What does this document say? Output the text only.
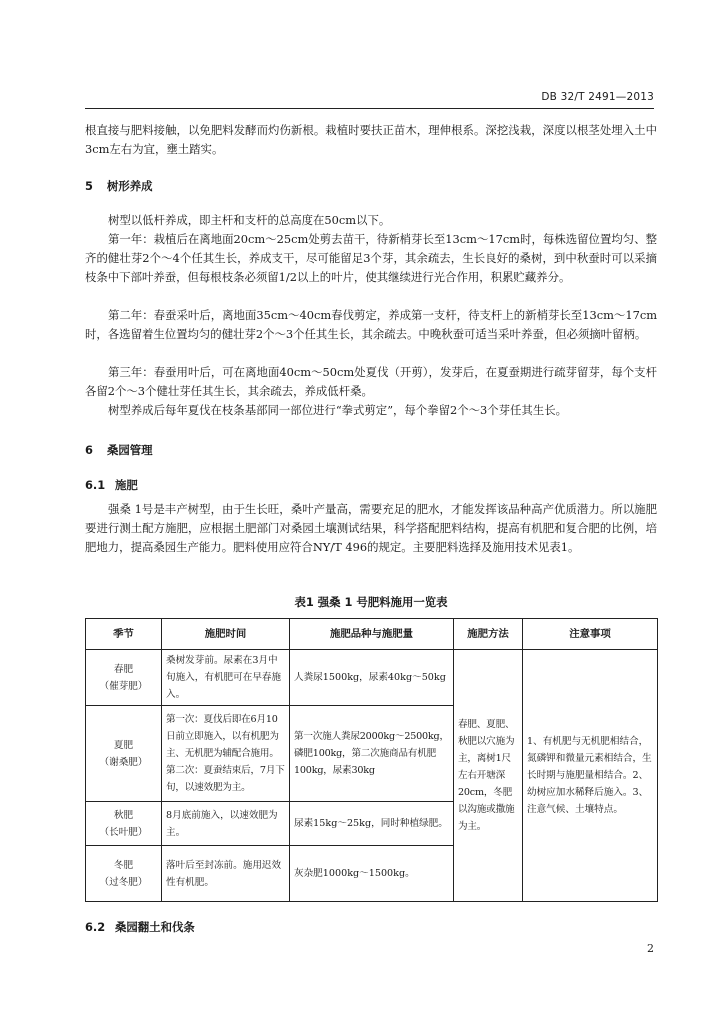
DB 32/T 2491—2013
根直接与肥料接触，以免肥料发酵而灼伤新根。栽植时要扶正苗木，理伸根系。深挖浅栽，深度以根茎处埋入土中3cm左右为宜，壅土踏实。
5 树形养成
树型以低杆养成，即主杆和支杆的总高度在50cm以下。
第一年：栽植后在离地面20cm～25cm处剪去苗干，待新梢芽长至13cm～17cm时，每株选留位置均匀、整齐的健壮芽2个～4个任其生长，养成支干，尽可能留足3个芽，其余疏去，生长良好的桑树，到中秋蚕时可以采摘枝条中下部叶养蚕，但每根枝条必须留1/2以上的叶片，使其继续进行光合作用，积累贮藏养分。
第二年：春蚕采叶后，离地面35cm～40cm春伐剪定，养成第一支杆，待支杆上的新梢芽长至13cm～17cm时，各选留着生位置均匀的健壮芽2个～3个任其生长，其余疏去。中晚秋蚕可适当采叶养蚕，但必须摘叶留柄。
第三年：春蚕用叶后，可在离地面40cm～50cm处夏伐（开剪），发芽后，在夏蚕期进行疏芽留芽，每个支杆各留2个～3个健壮芽任其生长，其余疏去，养成低杆桑。
树型养成后每年夏伐在枝条基部同一部位进行“拳式剪定”，每个拳留2个～3个芽任其生长。
6 桑园管理
6.1 施肥
强桑 1号是丰产树型，由于生长旺，桑叶产量高，需要充足的肥水，才能发挥该品种高产优质潜力。所以施肥要进行测土配方施肥，应根据土肥部门对桑园土壤测试结果，科学搭配肥料结构，提高有机肥和复合肥的比例，培肥地力，提高桑园生产能力。肥料使用应符合NY/T 496的规定。主要肥料选择及施用技术见表1。
表1 强桑 1 号肥料施用一览表
季节	施肥时间	施肥品种与施肥量	施肥方法	注意事项

春肥
（催芽肥）	桑树发芽前。尿素在3月中旬施入，有机肥可在早春施入。	人粪尿1500kg，尿素40kg～50kg	春肥、夏肥、秋肥以穴施为主，离树1尺左右开塘深20cm，冬肥以沟施或撒施为主。	1、有机肥与无机肥相结合，氮磷钾和微量元素相结合，生长时期与施肥量相结合。2、幼树应加水稀释后施入。3、注意气候、土壤特点。

夏肥
（谢桑肥）	第一次：夏伐后即在6月10日前立即施入，以有机肥为主、无机肥为辅配合施用。第二次：夏蚕结束后，7月下旬，以速效肥为主。	第一次施人粪尿2000kg～2500kg，磷肥100kg，第二次施商品有机肥100kg，尿素30kg		

秋肥
（长叶肥）	8月底前施入，以速效肥为主。	尿素15kg～25kg，同时种植绿肥。		

冬肥
（过冬肥）	落叶后至封冻前。施用迟效性有机肥。	灰杂肥1000kg～1500kg。		
6.2 桑园翻土和伐条
2
